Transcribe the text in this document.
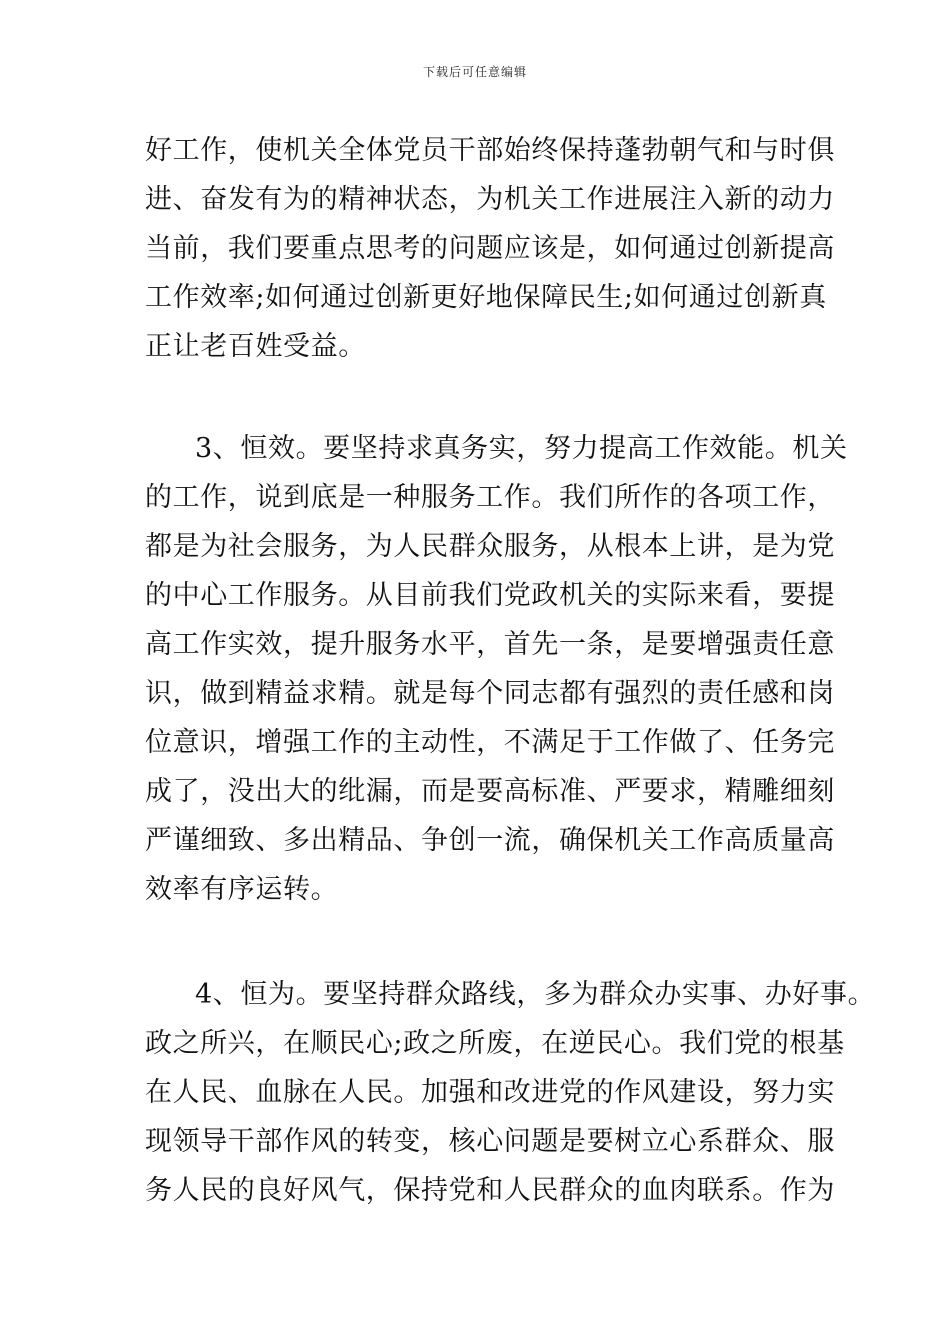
下载后可任意编辑
好工作，使机关全体党员干部始终保持蓬勃朝气和与时俱
进、奋发有为的精神状态，为机关工作进展注入新的动力
当前，我们要重点思考的问题应该是，如何通过创新提高
工作效率;如何通过创新更好地保障民生;如何通过创新真
正让老百姓受益。
3、恒效。要坚持求真务实，努力提高工作效能。机关
的工作，说到底是一种服务工作。我们所作的各项工作，
都是为社会服务，为人民群众服务，从根本上讲，是为党
的中心工作服务。从目前我们党政机关的实际来看，要提
高工作实效，提升服务水平，首先一条，是要增强责任意
识，做到精益求精。就是每个同志都有强烈的责任感和岗
位意识，增强工作的主动性，不满足于工作做了、任务完
成了，没出大的纰漏，而是要高标准、严要求，精雕细刻
严谨细致、多出精品、争创一流，确保机关工作高质量高
效率有序运转。
4、恒为。要坚持群众路线，多为群众办实事、办好事。
政之所兴，在顺民心;政之所废，在逆民心。我们党的根基
在人民、血脉在人民。加强和改进党的作风建设，努力实
现领导干部作风的转变，核心问题是要树立心系群众、服
务人民的良好风气，保持党和人民群众的血肉联系。作为
